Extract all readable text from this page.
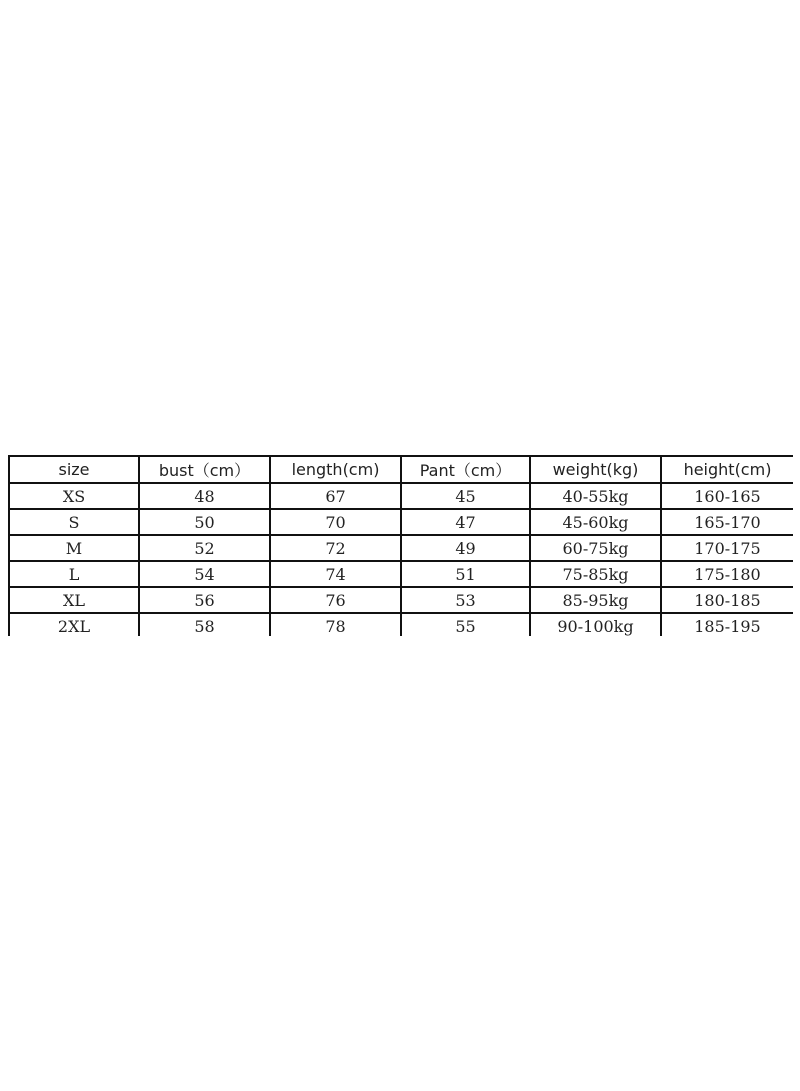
size	bust（cm）	length(cm)	Pant（cm）	weight(kg)	height(cm)
XS	48	67	45	40-55kg	160-165
S	50	70	47	45-60kg	165-170
M	52	72	49	60-75kg	170-175
L	54	74	51	75-85kg	175-180
XL	56	76	53	85-95kg	180-185
2XL	58	78	55	90-100kg	185-195
